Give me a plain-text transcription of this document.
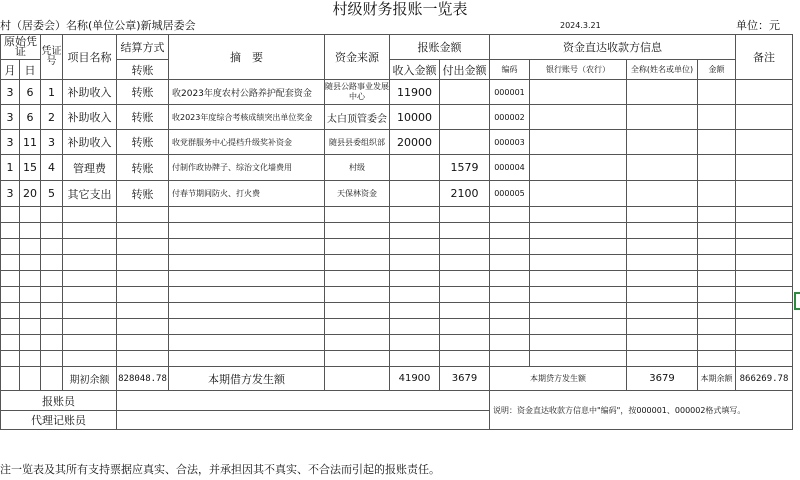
村级财务报账一览表
村（居委会）名称(单位公章)新城居委会	2024.3.21	单位：元
原始凭证		凭证号	项目名称	结算方式	摘　要	资金来源	报账金额		资金直达收款方信息				备注
月	日			转账			收入金额	付出金额	编码	银行账号（农行）	全称(姓名或单位)	金额	
3	6	1	补助收入	转账	收2023年度农村公路养护配套资金	随县公路事业发展中心	11900		000001				
3	6	2	补助收入	转账	收2023年度综合考核成绩突出单位奖金	太白顶管委会	10000		000002				
3	11	3	补助收入	转账	收党群服务中心提档升级奖补资金	随县县委组织部	20000		000003				
1	15	4	管理费	转账	付制作政协牌子、综治文化墙费用	村级		1579	000004				
3	20	5	其它支出	转账	付春节期间防火、打火费	天保林资金		2100	000005				

			期初余额	828048.78	本期借方发生额		41900	3679	本期贷方发生额		3679	本期余额	866269.78
报账员									说明：资金直达收款方信息中"编码"，按000001、000002格式填写。				
代理记账员													
注一览表及其所有支持票据应真实、合法，并承担因其不真实、不合法而引起的报账责任。
